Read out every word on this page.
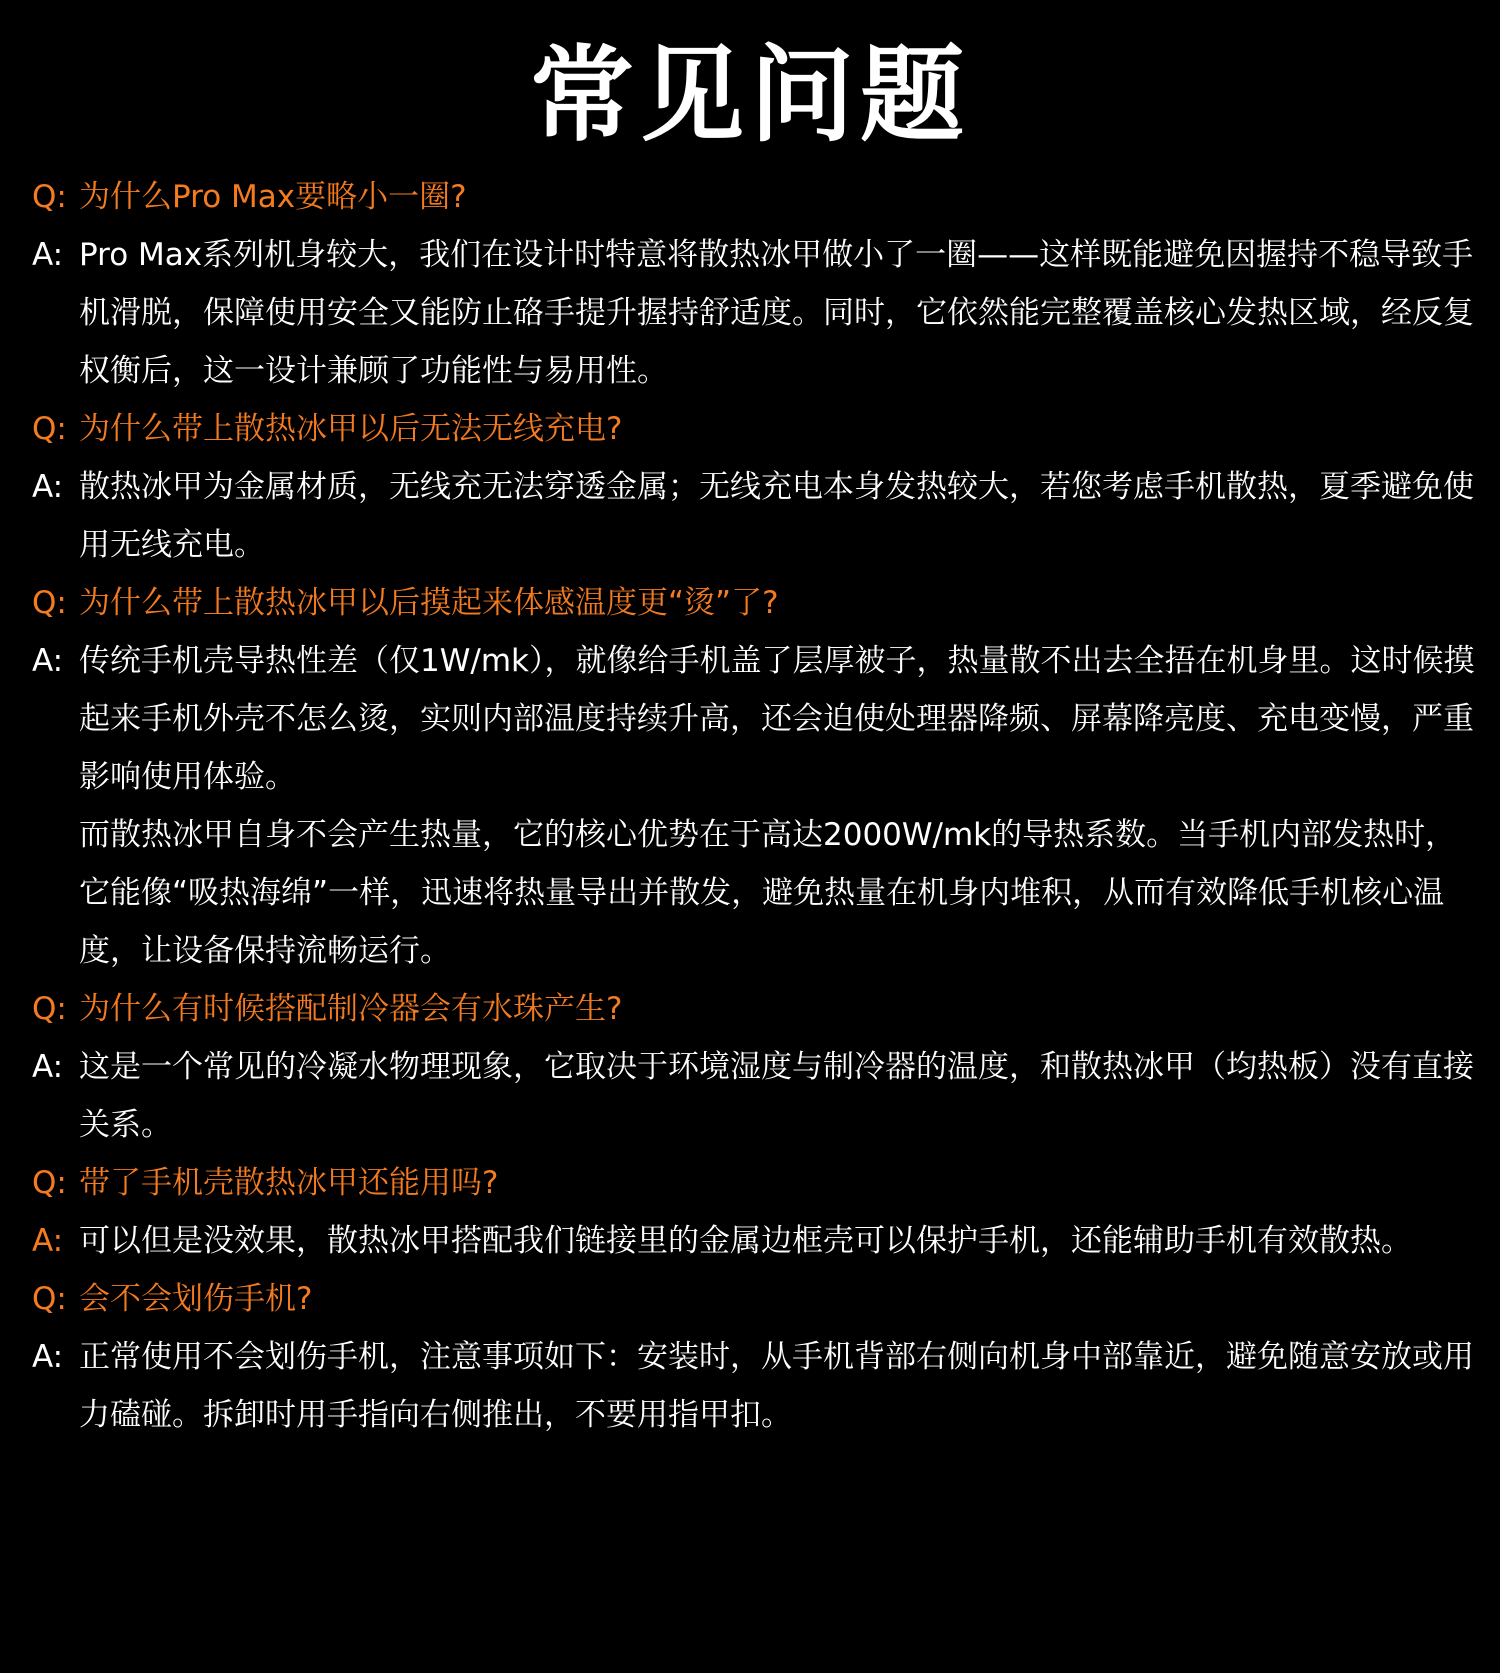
常见问题
Q: 为什么Pro Max要略小一圈?
A: Pro Max系列机身较大，我们在设计时特意将散热冰甲做小了一圈——这样既能避免因握持不稳导致手机滑脱，保障使用安全又能防止硌手提升握持舒适度。同时，它依然能完整覆盖核心发热区域，经反复权衡后，这一设计兼顾了功能性与易用性。
Q: 为什么带上散热冰甲以后无法无线充电?
A: 散热冰甲为金属材质，无线充无法穿透金属；无线充电本身发热较大，若您考虑手机散热，夏季避免使用无线充电。
Q: 为什么带上散热冰甲以后摸起来体感温度更“烫”了?
A: 传统手机壳导热性差（仅1W/mk），就像给手机盖了层厚被子，热量散不出去全捂在机身里。这时候摸起来手机外壳不怎么烫，实则内部温度持续升高，还会迫使处理器降频、屏幕降亮度、充电变慢，严重影响使用体验。
而散热冰甲自身不会产生热量，它的核心优势在于高达2000W/mk的导热系数。当手机内部发热时，它能像“吸热海绵”一样，迅速将热量导出并散发，避免热量在机身内堆积，从而有效降低手机核心温度，让设备保持流畅运行。
Q: 为什么有时候搭配制冷器会有水珠产生?
A: 这是一个常见的冷凝水物理现象，它取决于环境湿度与制冷器的温度，和散热冰甲（均热板）没有直接关系。
Q: 带了手机壳散热冰甲还能用吗?
A: 可以但是没效果，散热冰甲搭配我们链接里的金属边框壳可以保护手机，还能辅助手机有效散热。
Q: 会不会划伤手机?
A: 正常使用不会划伤手机，注意事项如下：安装时，从手机背部右侧向机身中部靠近，避免随意安放或用力磕碰。拆卸时用手指向右侧推出，不要用指甲扣。
